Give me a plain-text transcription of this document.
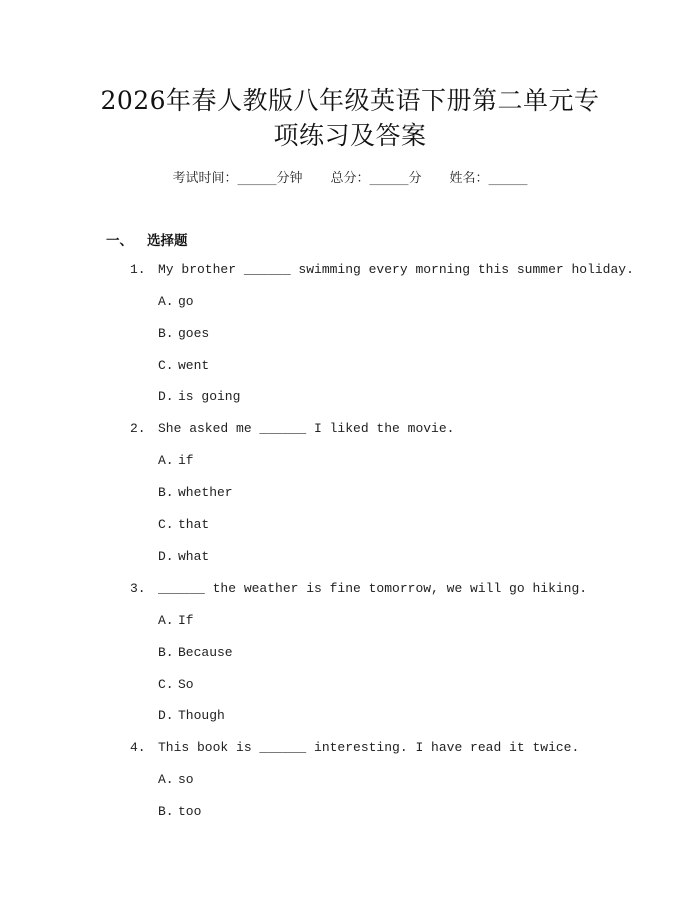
2026年春人教版八年级英语下册第二单元专
项练习及答案
考试时间：______分钟 总分：______分 姓名：______
一、 选择题
1. My brother ______ swimming every morning this summer holiday.
A. go
B. goes
C. went
D. is going
2. She asked me ______ I liked the movie.
A. if
B. whether
C. that
D. what
3. ______ the weather is fine tomorrow, we will go hiking.
A. If
B. Because
C. So
D. Though
4. This book is ______ interesting. I have read it twice.
A. so
B. too
